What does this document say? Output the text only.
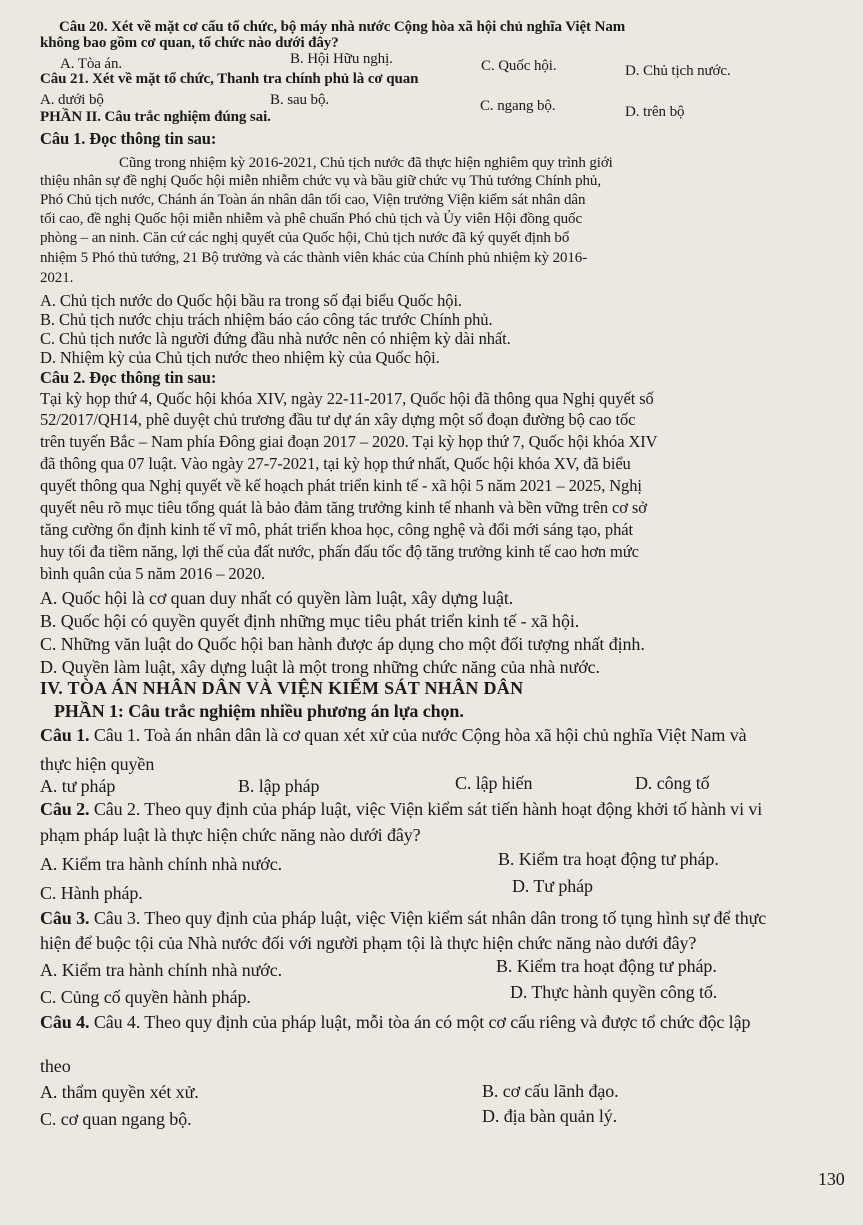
Câu 20. Xét về mặt cơ cấu tổ chức, bộ máy nhà nước Cộng hòa xã hội chủ nghĩa Việt Nam
không bao gồm cơ quan, tổ chức nào dưới đây?
A. Tòa án.	B. Hội Hữu nghị.	C. Quốc hội.	D. Chủ tịch nước.
Câu 21. Xét về mặt tổ chức, Thanh tra chính phủ là cơ quan
A. dưới bộ	B. sau bộ.	C. ngang bộ.	D. trên bộ
PHẦN II. Câu trắc nghiệm đúng sai.
Câu 1. Đọc thông tin sau:
Cũng trong nhiệm kỳ 2016-2021, Chủ tịch nước đã thực hiện nghiêm quy trình giới
thiệu nhân sự đề nghị Quốc hội miễn nhiễm chức vụ và bầu giữ chức vụ Thủ tướng Chính phủ,
Phó Chủ tịch nước, Chánh án Toàn án nhân dân tối cao, Viện trưởng Viện kiểm sát nhân dân
tối cao, đề nghị Quốc hội miễn nhiễm và phê chuẩn Phó chủ tịch và Ủy viên Hội đồng quốc
phòng – an ninh. Căn cứ các nghị quyết của Quốc hội, Chủ tịch nước đã ký quyết định bổ
nhiệm 5 Phó thủ tướng, 21 Bộ trưởng và các thành viên khác của Chính phủ nhiệm kỳ 2016-
2021.
A. Chủ tịch nước do Quốc hội bầu ra trong số đại biểu Quốc hội.
B. Chủ tịch nước chịu trách nhiệm báo cáo công tác trước Chính phủ.
C. Chủ tịch nước là người đứng đầu nhà nước nên có nhiệm kỳ dài nhất.
D. Nhiệm kỳ của Chủ tịch nước theo nhiệm kỳ của Quốc hội.
Câu 2. Đọc thông tin sau:
Tại kỳ họp thứ 4, Quốc hội khóa XIV, ngày 22-11-2017, Quốc hội đã thông qua Nghị quyết số
52/2017/QH14, phê duyệt chủ trương đầu tư dự án xây dựng một số đoạn đường bộ cao tốc
trên tuyến Bắc – Nam phía Đông giai đoạn 2017 – 2020. Tại kỳ họp thứ 7, Quốc hội khóa XIV
đã thông qua 07 luật. Vào ngày 27-7-2021, tại kỳ họp thứ nhất, Quốc hội khóa XV, đã biểu
quyết thông qua Nghị quyết về kế hoạch phát triển kinh tế - xã hội 5 năm 2021 – 2025, Nghị
quyết nêu rõ mục tiêu tổng quát là bảo đảm tăng trưởng kinh tế nhanh và bền vững trên cơ sở
tăng cường ổn định kinh tế vĩ mô, phát triển khoa học, công nghệ và đổi mới sáng tạo, phát
huy tối đa tiềm năng, lợi thế của đất nước, phấn đấu tốc độ tăng trưởng kinh tế cao hơn mức
bình quân của 5 năm 2016 – 2020.
A. Quốc hội là cơ quan duy nhất có quyền làm luật, xây dựng luật.
B. Quốc hội có quyền quyết định những mục tiêu phát triển kinh tế - xã hội.
C. Những văn luật do Quốc hội ban hành được áp dụng cho một đối tượng nhất định.
D. Quyền làm luật, xây dựng luật là một trong những chức năng của nhà nước.
IV. TÒA ÁN NHÂN DÂN VÀ VIỆN KIỂM SÁT NHÂN DÂN
PHẦN 1: Câu trắc nghiệm nhiều phương án lựa chọn.
Câu 1. Câu 1. Toà án nhân dân là cơ quan xét xử của nước Cộng hòa xã hội chủ nghĩa Việt Nam và
thực hiện quyền
A. tư pháp	B. lập pháp	C. lập hiến	D. công tố
Câu 2. Câu 2. Theo quy định của pháp luật, việc Viện kiểm sát tiến hành hoạt động khởi tố hành vi vi
phạm pháp luật là thực hiện chức năng nào dưới đây?
A. Kiểm tra hành chính nhà nước.	B. Kiểm tra hoạt động tư pháp.
C. Hành pháp.	D. Tư pháp
Câu 3. Câu 3. Theo quy định của pháp luật, việc Viện kiểm sát nhân dân trong tố tụng hình sự để thực
hiện để buộc tội của Nhà nước đối với người phạm tội là thực hiện chức năng nào dưới đây?
A. Kiểm tra hành chính nhà nước.	B. Kiểm tra hoạt động tư pháp.
C. Củng cố quyền hành pháp.	D. Thực hành quyền công tố.
Câu 4. Câu 4. Theo quy định của pháp luật, mỗi tòa án có một cơ cấu riêng và được tổ chức độc lập
theo
A. thẩm quyền xét xử.	B. cơ cấu lãnh đạo.
C. cơ quan ngang bộ.	D. địa bàn quản lý.
130
